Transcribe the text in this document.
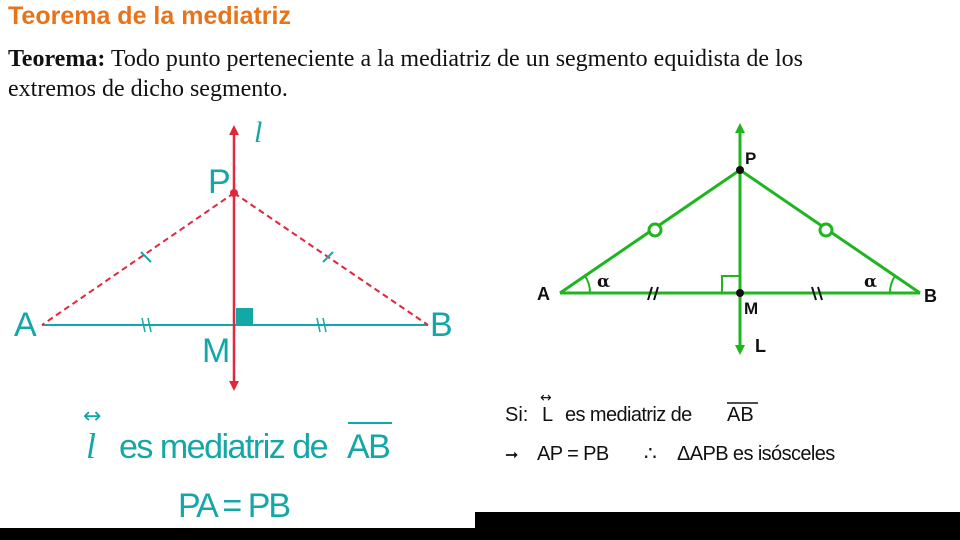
Teorema de la mediatriz
Teorema: Todo punto perteneciente a la mediatriz de un segmento equidista de los
extremos de dicho segmento.
l
P
A	B
M
↔
l es mediatriz de AB
PA = PB
P
A	B
M
L
α	α
Si:
↔
L es mediatriz de AB
➞ AP = PB ∴ ΔAPB es isósceles
